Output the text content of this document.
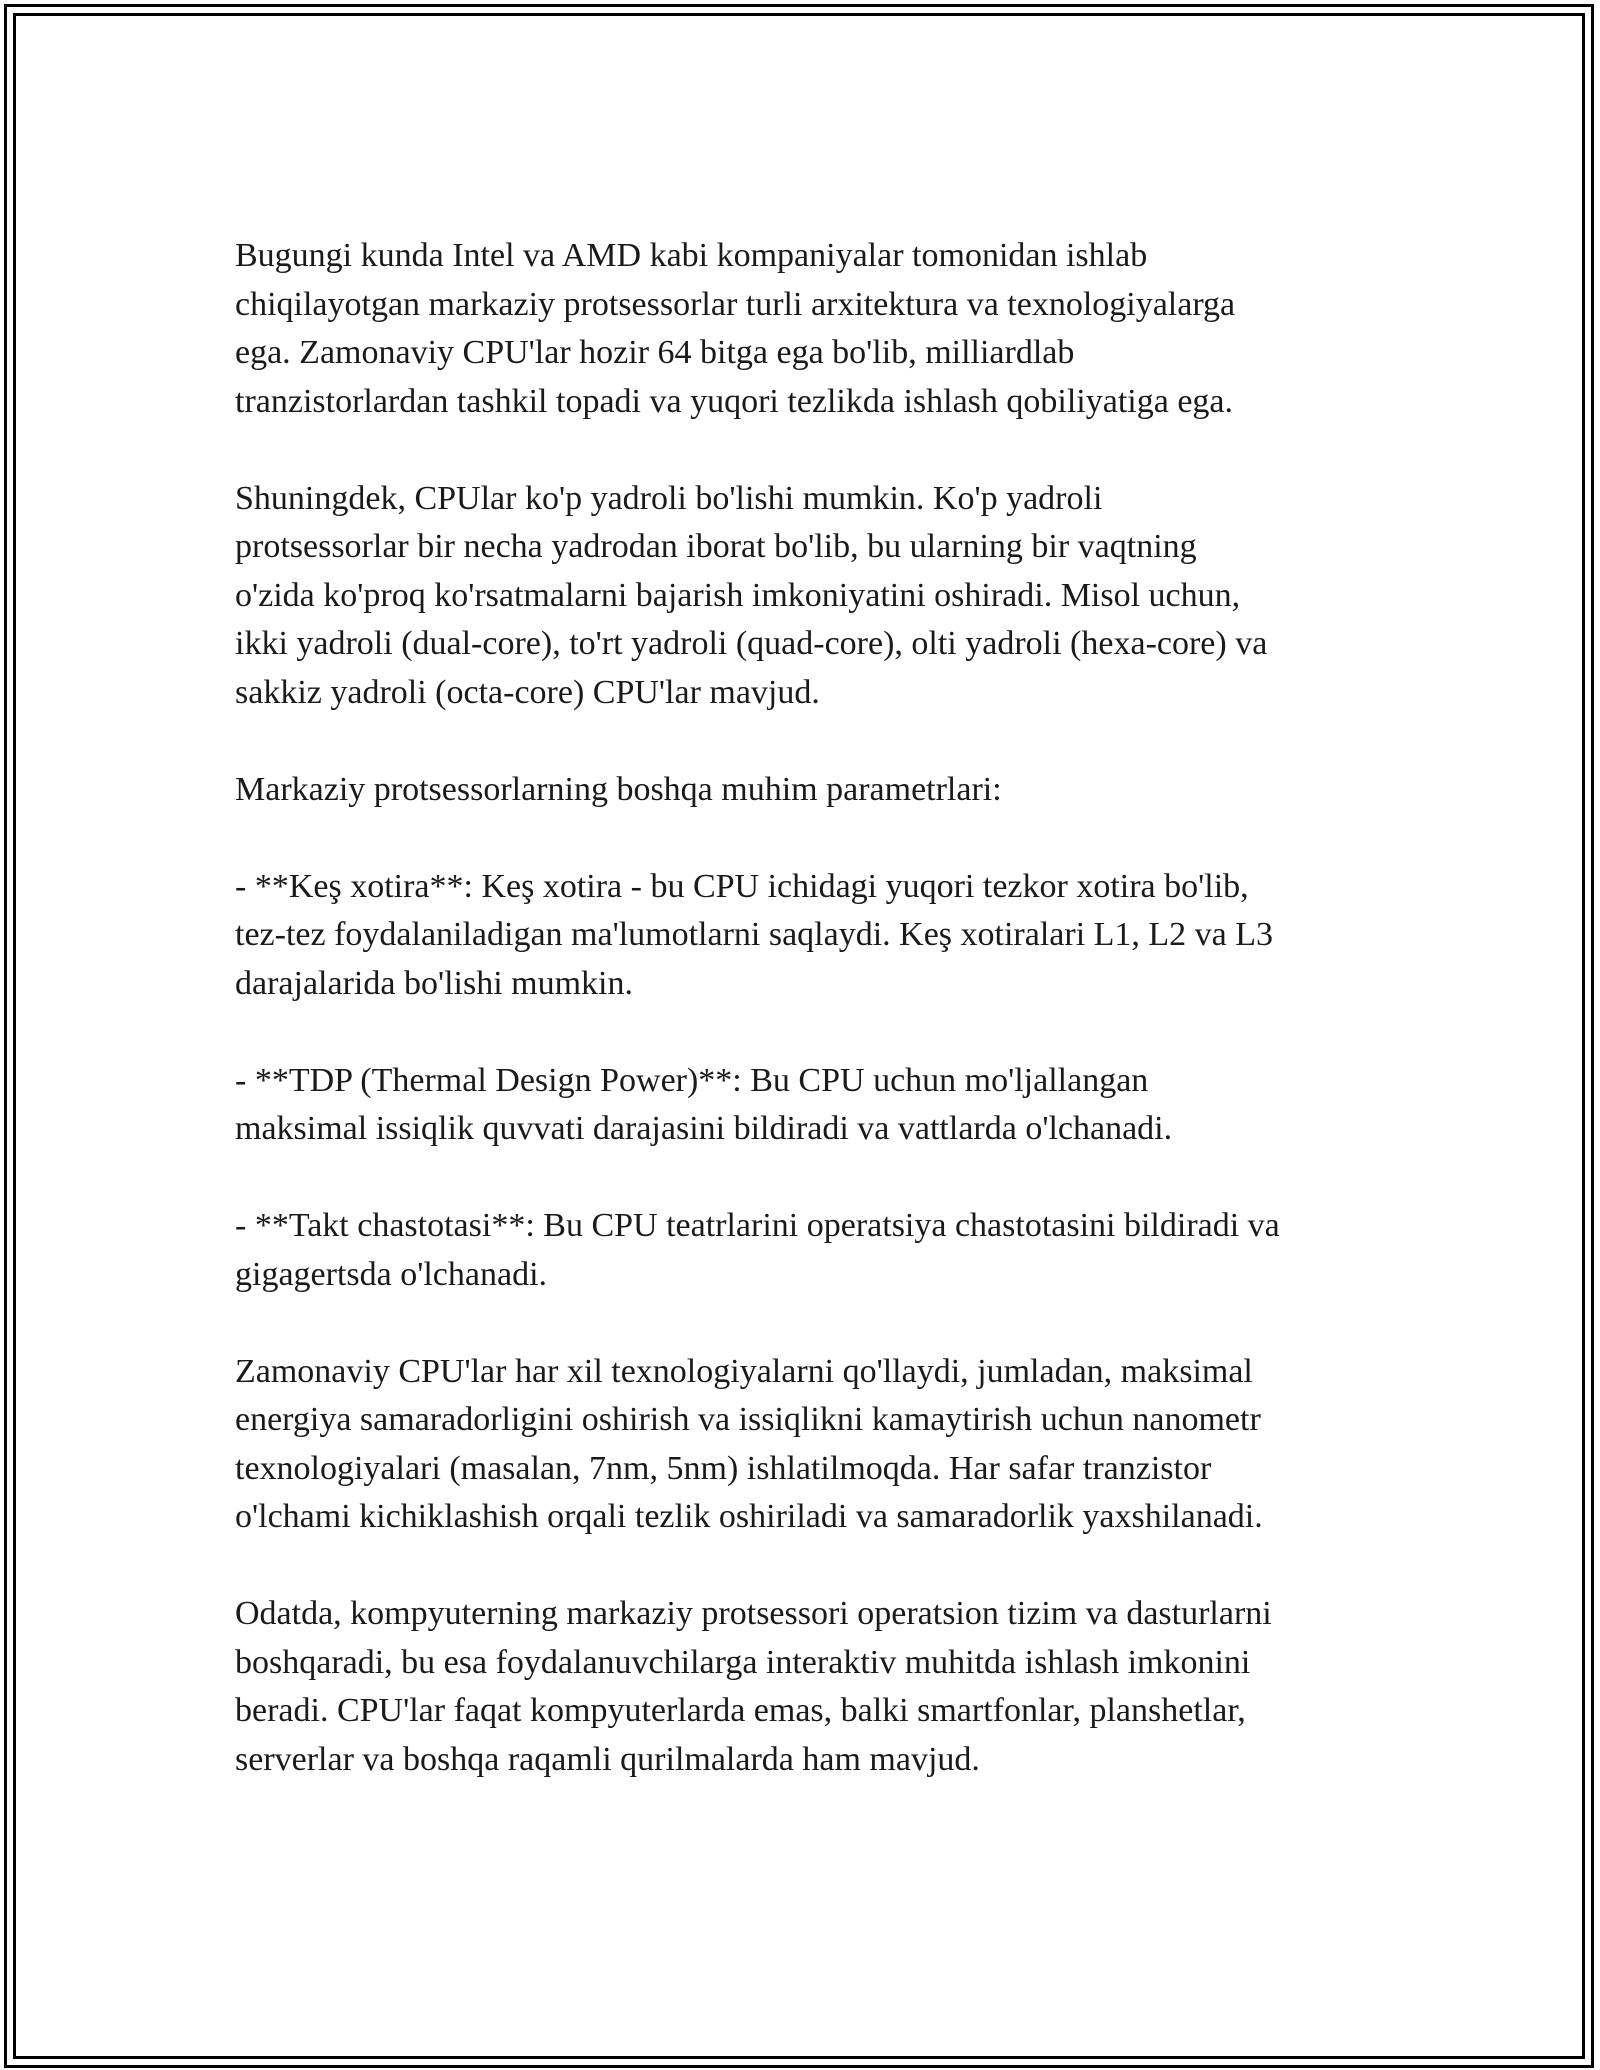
Bugungi kunda Intel va AMD kabi kompaniyalar tomonidan ishlab
chiqilayotgan markaziy protsessorlar turli arxitektura va texnologiyalarga
ega. Zamonaviy CPU'lar hozir 64 bitga ega bo'lib, milliardlab
tranzistorlardan tashkil topadi va yuqori tezlikda ishlash qobiliyatiga ega.

Shuningdek, CPUlar ko'p yadroli bo'lishi mumkin. Ko'p yadroli
protsessorlar bir necha yadrodan iborat bo'lib, bu ularning bir vaqtning
o'zida ko'proq ko'rsatmalarni bajarish imkoniyatini oshiradi. Misol uchun,
ikki yadroli (dual-core), to'rt yadroli (quad-core), olti yadroli (hexa-core) va
sakkiz yadroli (octa-core) CPU'lar mavjud.

Markaziy protsessorlarning boshqa muhim parametrlari:

- **Keş xotira**: Keş xotira - bu CPU ichidagi yuqori tezkor xotira bo'lib,
tez-tez foydalaniladigan ma'lumotlarni saqlaydi. Keş xotiralari L1, L2 va L3
darajalarida bo'lishi mumkin.

- **TDP (Thermal Design Power)**: Bu CPU uchun mo'ljallangan
maksimal issiqlik quvvati darajasini bildiradi va vattlarda o'lchanadi.

- **Takt chastotasi**: Bu CPU teatrlarini operatsiya chastotasini bildiradi va
gigagertsda o'lchanadi.

Zamonaviy CPU'lar har xil texnologiyalarni qo'llaydi, jumladan, maksimal
energiya samaradorligini oshirish va issiqlikni kamaytirish uchun nanometr
texnologiyalari (masalan, 7nm, 5nm) ishlatilmoqda. Har safar tranzistor
o'lchami kichiklashish orqali tezlik oshiriladi va samaradorlik yaxshilanadi.

Odatda, kompyuterning markaziy protsessori operatsion tizim va dasturlarni
boshqaradi, bu esa foydalanuvchilarga interaktiv muhitda ishlash imkonini
beradi. CPU'lar faqat kompyuterlarda emas, balki smartfonlar, planshetlar,
serverlar va boshqa raqamli qurilmalarda ham mavjud.
